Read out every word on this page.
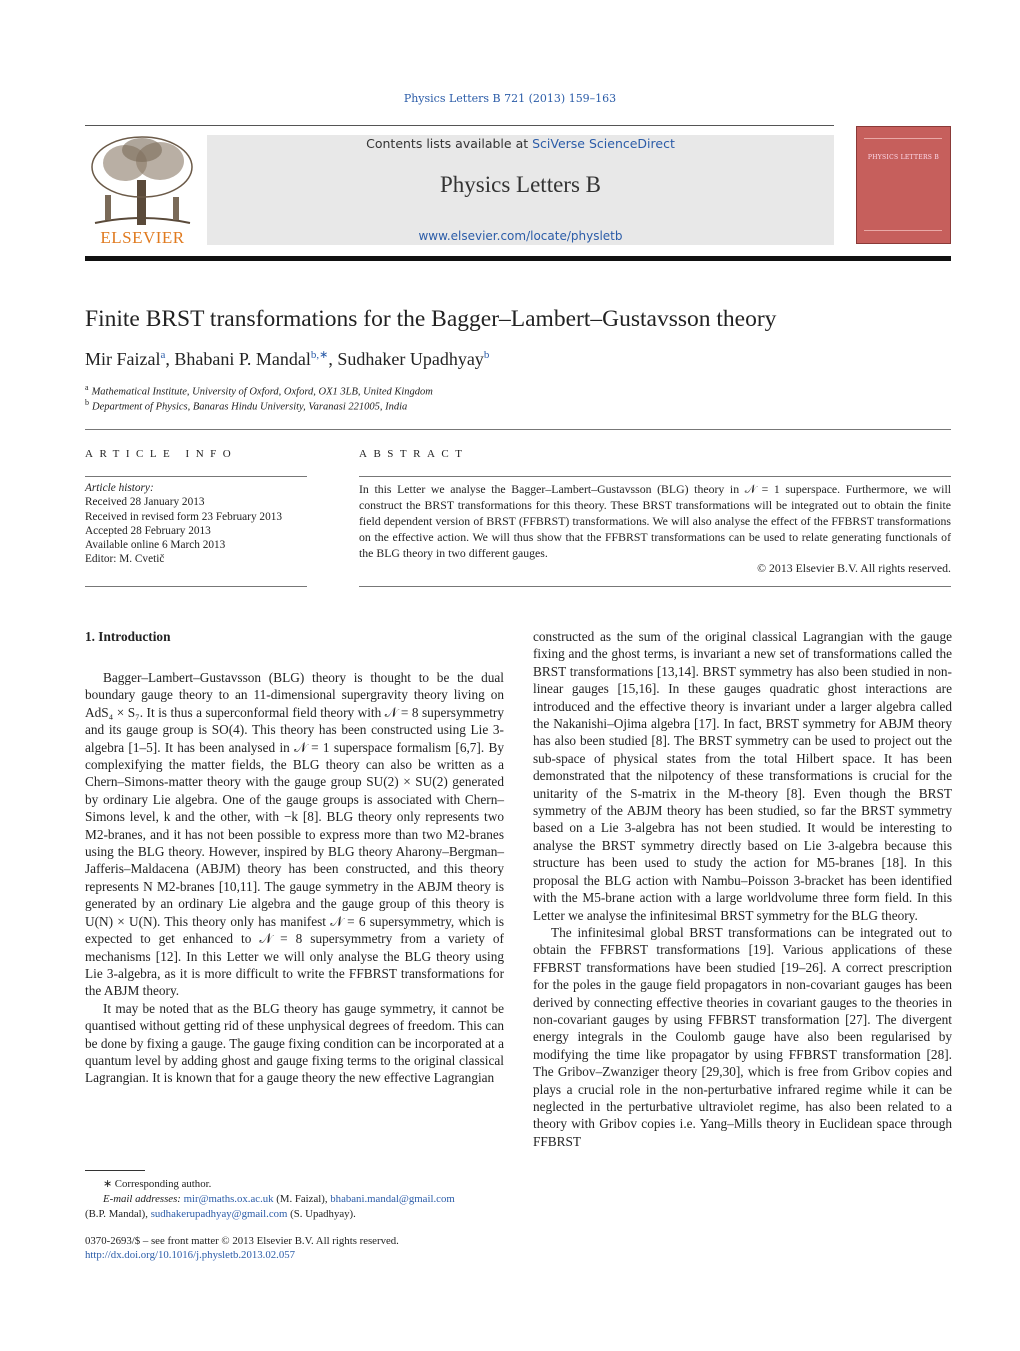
Physics Letters B 721 (2013) 159–163
ELSEVIER
Contents lists available at SciVerse ScienceDirect
Physics Letters B
www.elsevier.com/locate/physletb
PHYSICS LETTERS B
Finite BRST transformations for the Bagger–Lambert–Gustavsson theory
Mir Faizal$^a$, Bhabani P. Mandal$^{b,∗}$, Sudhaker Upadhyay$^b$
$^a$ Mathematical Institute, University of Oxford, Oxford, OX1 3LB, United Kingdom
$^b$ Department of Physics, Banaras Hindu University, Varanasi 221005, India
ARTICLE INFO	ABSTRACT
Article history:
Received 28 January 2013
Received in revised form 23 February 2013
Accepted 28 February 2013
Available online 6 March 2013
Editor: M. Cvetič
In this Letter we analyse the Bagger–Lambert–Gustavsson (BLG) theory in 𝒩 = 1 superspace. Furthermore, we will construct the BRST transformations for this theory. These BRST transformations will be integrated out to obtain the finite field dependent version of BRST (FFBRST) transformations. We will also analyse the effect of the FFBRST transformations on the effective action. We will thus show that the FFBRST transformations can be used to relate generating functionals of the BLG theory in two different gauges.
© 2013 Elsevier B.V. All rights reserved.
1. Introduction

Bagger–Lambert–Gustavsson (BLG) theory is thought to be the dual boundary gauge theory to an 11-dimensional supergravity theory living on AdS₄ × S₇. It is thus a superconformal field theory with 𝒩 = 8 supersymmetry and its gauge group is SO(4). This theory has been constructed using Lie 3-algebra [1–5]. It has been analysed in 𝒩 = 1 superspace formalism [6,7]. By complexifying the matter fields, the BLG theory can also be written as a Chern–Simons-matter theory with the gauge group SU(2) × SU(2) generated by ordinary Lie algebra. One of the gauge groups is associated with Chern–Simons level, k and the other, with −k [8]. BLG theory only represents two M2-branes, and it has not been possible to express more than two M2-branes using the BLG theory. However, inspired by BLG theory Aharony–Bergman–Jafferis–Maldacena (ABJM) theory has been constructed, and this theory represents N M2-branes [10,11]. The gauge symmetry in the ABJM theory is generated by an ordinary Lie algebra and the gauge group of this theory is U(N) × U(N). This theory only has manifest 𝒩 = 6 supersymmetry, which is expected to get enhanced to 𝒩 = 8 supersymmetry from a variety of mechanisms [12]. In this Letter we will only analyse the BLG theory using Lie 3-algebra, as it is more difficult to write the FFBRST transformations for the ABJM theory.

It may be noted that as the BLG theory has gauge symmetry, it cannot be quantised without getting rid of these unphysical degrees of freedom. This can be done by fixing a gauge. The gauge fixing condition can be incorporated at a quantum level by adding ghost and gauge fixing terms to the original classical Lagrangian. It is known that for a gauge theory the new effective Lagrangian

constructed as the sum of the original classical Lagrangian with the gauge fixing and the ghost terms, is invariant a new set of transformations called the BRST transformations [13,14]. BRST symmetry has also been studied in non-linear gauges [15,16]. In these gauges quadratic ghost interactions are introduced and the effective theory is invariant under a larger algebra called the Nakanishi–Ojima algebra [17]. In fact, BRST symmetry for ABJM theory has also been studied [8]. The BRST symmetry can be used to project out the sub-space of physical states from the total Hilbert space. It has been demonstrated that the nilpotency of these transformations is crucial for the unitarity of the S-matrix in the M-theory [8]. Even though the BRST symmetry of the ABJM theory has been studied, so far the BRST symmetry based on a Lie 3-algebra has not been studied. It would be interesting to analyse the BRST symmetry directly based on Lie 3-algebra because this structure has been used to study the action for M5-branes [18]. In this proposal the BLG action with Nambu–Poisson 3-bracket has been identified with the M5-brane action with a large worldvolume three form field. In this Letter we analyse the infinitesimal BRST symmetry for the BLG theory.

The infinitesimal global BRST transformations can be integrated out to obtain the FFBRST transformations [19]. Various applications of these FFBRST transformations have been studied [19–26]. A correct prescription for the poles in the gauge field propagators in non-covariant gauges has been derived by connecting effective theories in covariant gauges to the theories in non-covariant gauges by using FFBRST transformation [27]. The divergent energy integrals in the Coulomb gauge have also been regularised by modifying the time like propagator by using FFBRST transformation [28]. The Gribov–Zwanziger theory [29,30], which is free from Gribov copies and plays a crucial role in the non-perturbative infrared regime while it can be neglected in the perturbative ultraviolet regime, has also been related to a theory with Gribov copies i.e. Yang–Mills theory in Euclidean space through FFBRST

∗ Corresponding author.
E-mail addresses: mir@maths.ox.ac.uk (M. Faizal), bhabani.mandal@gmail.com
(B.P. Mandal), sudhakerupadhyay@gmail.com (S. Upadhyay).
0370-2693/$ – see front matter © 2013 Elsevier B.V. All rights reserved.
http://dx.doi.org/10.1016/j.physletb.2013.02.057
